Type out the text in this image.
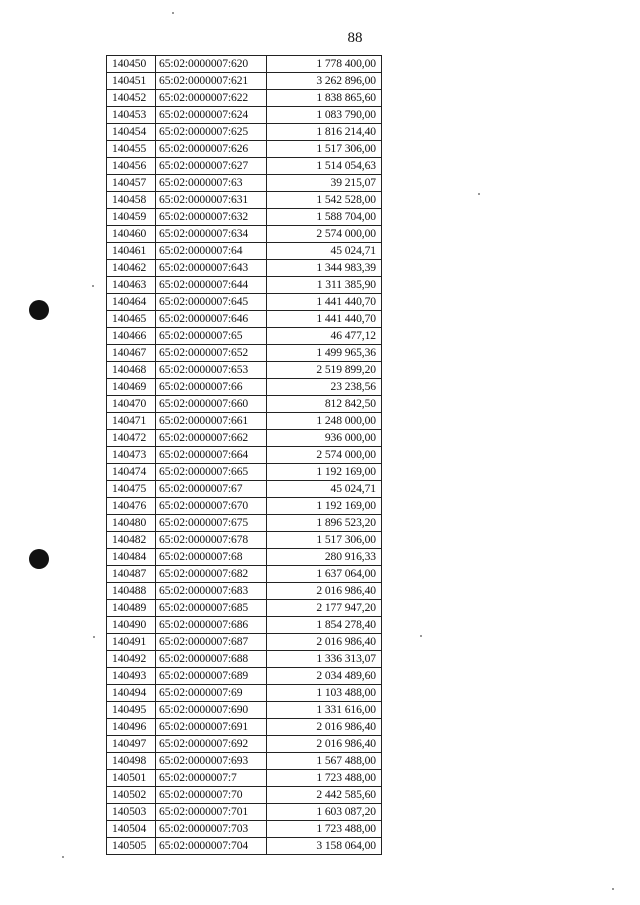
88
140450	65:02:0000007:620	1 778 400,00
140451	65:02:0000007:621	3 262 896,00
140452	65:02:0000007:622	1 838 865,60
140453	65:02:0000007:624	1 083 790,00
140454	65:02:0000007:625	1 816 214,40
140455	65:02:0000007:626	1 517 306,00
140456	65:02:0000007:627	1 514 054,63
140457	65:02:0000007:63	39 215,07
140458	65:02:0000007:631	1 542 528,00
140459	65:02:0000007:632	1 588 704,00
140460	65:02:0000007:634	2 574 000,00
140461	65:02:0000007:64	45 024,71
140462	65:02:0000007:643	1 344 983,39
140463	65:02:0000007:644	1 311 385,90
140464	65:02:0000007:645	1 441 440,70
140465	65:02:0000007:646	1 441 440,70
140466	65:02:0000007:65	46 477,12
140467	65:02:0000007:652	1 499 965,36
140468	65:02:0000007:653	2 519 899,20
140469	65:02:0000007:66	23 238,56
140470	65:02:0000007:660	812 842,50
140471	65:02:0000007:661	1 248 000,00
140472	65:02:0000007:662	936 000,00
140473	65:02:0000007:664	2 574 000,00
140474	65:02:0000007:665	1 192 169,00
140475	65:02:0000007:67	45 024,71
140476	65:02:0000007:670	1 192 169,00
140480	65:02:0000007:675	1 896 523,20
140482	65:02:0000007:678	1 517 306,00
140484	65:02:0000007:68	280 916,33
140487	65:02:0000007:682	1 637 064,00
140488	65:02:0000007:683	2 016 986,40
140489	65:02:0000007:685	2 177 947,20
140490	65:02:0000007:686	1 854 278,40
140491	65:02:0000007:687	2 016 986,40
140492	65:02:0000007:688	1 336 313,07
140493	65:02:0000007:689	2 034 489,60
140494	65:02:0000007:69	1 103 488,00
140495	65:02:0000007:690	1 331 616,00
140496	65:02:0000007:691	2 016 986,40
140497	65:02:0000007:692	2 016 986,40
140498	65:02:0000007:693	1 567 488,00
140501	65:02:0000007:7	1 723 488,00
140502	65:02:0000007:70	2 442 585,60
140503	65:02:0000007:701	1 603 087,20
140504	65:02:0000007:703	1 723 488,00
140505	65:02:0000007:704	3 158 064,00
